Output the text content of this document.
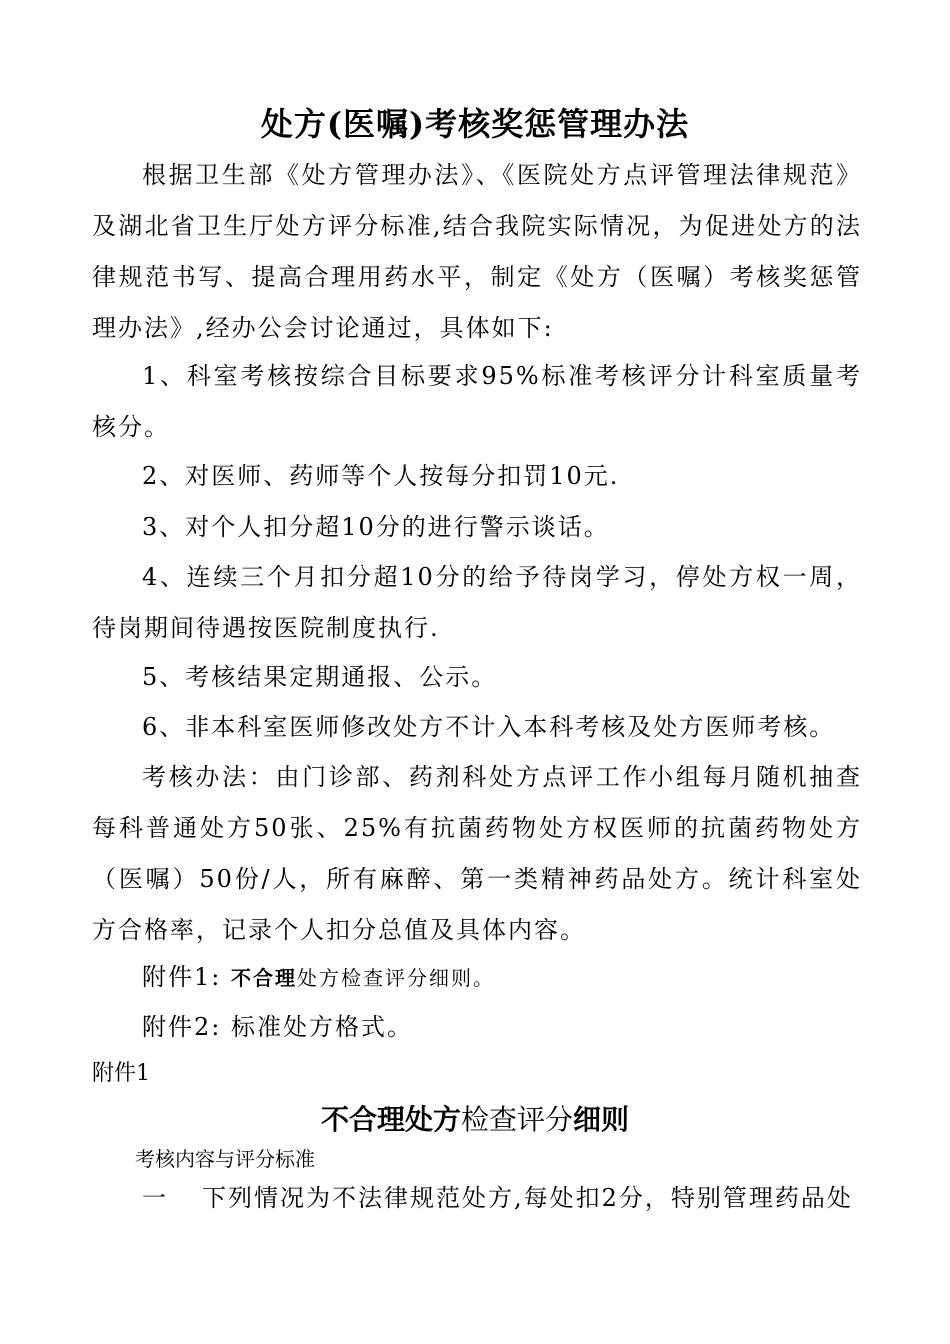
处方(医嘱)考核奖惩管理办法
根据卫生部《处方管理办法》、《医院处方点评管理法律规范》及湖北省卫生厅处方评分标准,结合我院实际情况，为促进处方的法律规范书写、提高合理用药水平，制定《处方（医嘱）考核奖惩管理办法》,经办公会讨论通过，具体如下:
1、科室考核按综合目标要求95%标准考核评分计科室质量考核分。
2、对医师、药师等个人按每分扣罚10元.
3、对个人扣分超10分的进行警示谈话。
4、连续三个月扣分超10分的给予待岗学习，停处方权一周，待岗期间待遇按医院制度执行.
5、考核结果定期通报、公示。
6、非本科室医师修改处方不计入本科考核及处方医师考核。
考核办法：由门诊部、药剂科处方点评工作小组每月随机抽查每科普通处方50张、25%有抗菌药物处方权医师的抗菌药物处方（医嘱）50份/人，所有麻醉、第一类精神药品处方。统计科室处方合格率，记录个人扣分总值及具体内容。
附件1: 不合理处方检查评分细则。
附件2: 标准处方格式。
附件1
不合理处方检查评分细则
考核内容与评分标准
一 下列情况为不法律规范处方,每处扣2分，特别管理药品处
